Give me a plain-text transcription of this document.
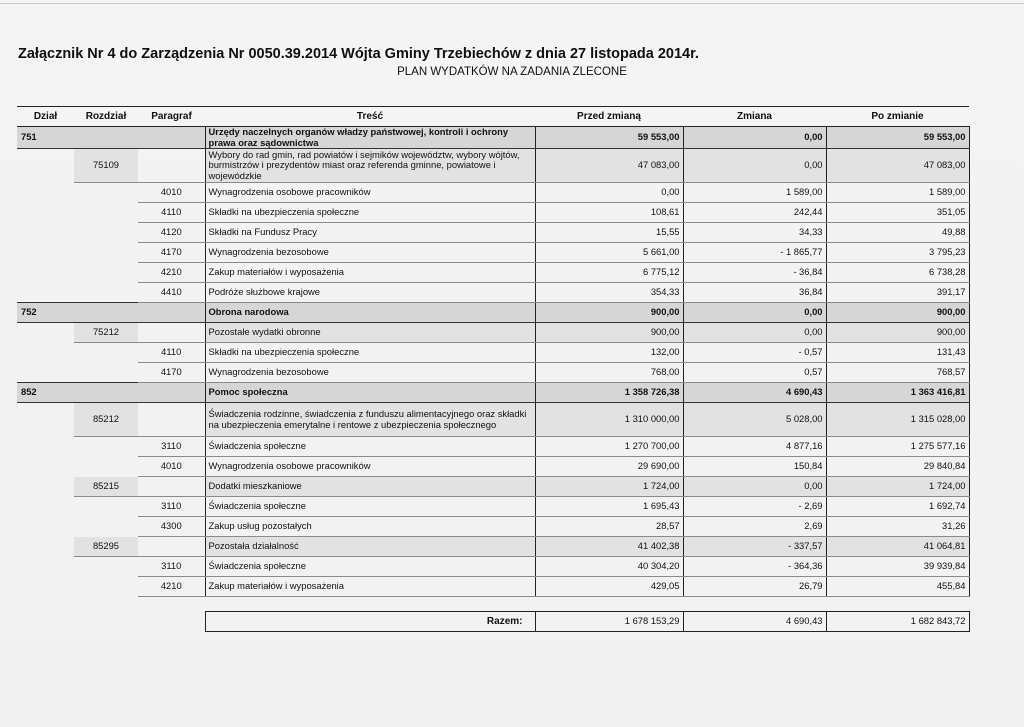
Załącznik Nr 4 do Zarządzenia Nr 0050.39.2014 Wójta Gminy Trzebiechów z dnia 27 listopada 2014r.
PLAN WYDATKÓW NA ZADANIA ZLECONE
Dział	Rozdział	Paragraf	Treść	Przed zmianą	Zmiana	Po zmianie
751			Urzędy naczelnych organów władzy państwowej, kontroli i ochrony prawa oraz sądownictwa	59 553,00	0,00	59 553,00
	75109		Wybory do rad gmin, rad powiatów i sejmików województw, wybory wójtów, burmistrzów i prezydentów miast oraz referenda gminne, powiatowe i wojewódzkie	47 083,00	0,00	47 083,00
		4010	Wynagrodzenia osobowe pracowników	0,00	1 589,00	1 589,00
		4110	Składki na ubezpieczenia społeczne	108,61	242,44	351,05
		4120	Składki na Fundusz Pracy	15,55	34,33	49,88
		4170	Wynagrodzenia bezosobowe	5 661,00	- 1 865,77	3 795,23
		4210	Zakup materiałów i wyposażenia	6 775,12	- 36,84	6 738,28
		4410	Podróże służbowe krajowe	354,33	36,84	391,17
752			Obrona narodowa	900,00	0,00	900,00
	75212		Pozostałe wydatki obronne	900,00	0,00	900,00
		4110	Składki na ubezpieczenia społeczne	132,00	- 0,57	131,43
		4170	Wynagrodzenia bezosobowe	768,00	0,57	768,57
852			Pomoc społeczna	1 358 726,38	4 690,43	1 363 416,81
	85212		Świadczenia rodzinne, świadczenia z funduszu alimentacyjnego oraz składki na ubezpieczenia emerytalne i rentowe z ubezpieczenia społecznego	1 310 000,00	5 028,00	1 315 028,00
		3110	Świadczenia społeczne	1 270 700,00	4 877,16	1 275 577,16
		4010	Wynagrodzenia osobowe pracowników	29 690,00	150,84	29 840,84
	85215		Dodatki mieszkaniowe	1 724,00	0,00	1 724,00
		3110	Świadczenia społeczne	1 695,43	- 2,69	1 692,74
		4300	Zakup usług pozostałych	28,57	2,69	31,26
	85295		Pozostała działalność	41 402,38	- 337,57	41 064,81
		3110	Świadczenia społeczne	40 304,20	- 364,36	39 939,84
		4210	Zakup materiałów i wyposażenia	429,05	26,79	455,84

			Razem:	1 678 153,29	4 690,43	1 682 843,72
